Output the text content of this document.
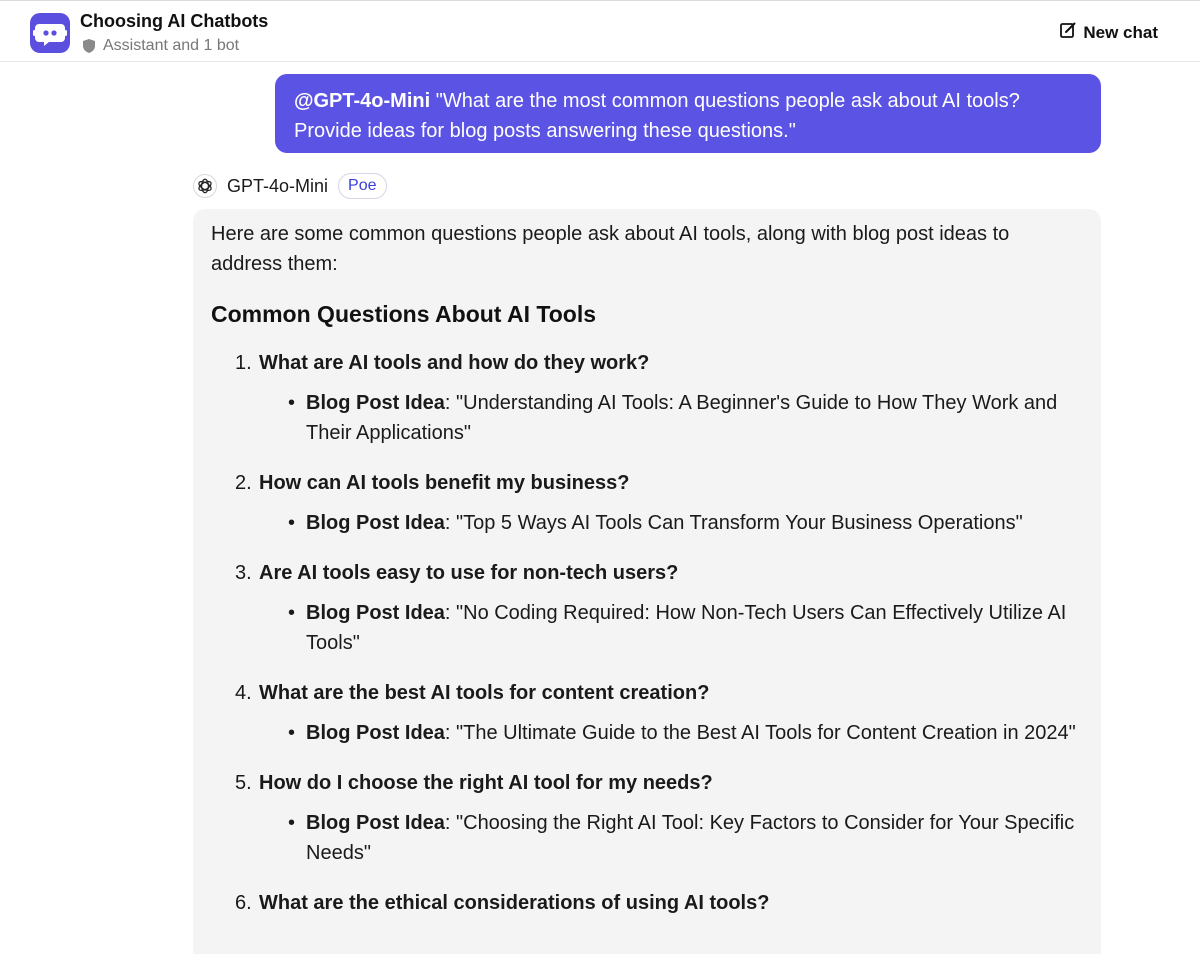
Choosing AI Chatbots
Assistant and 1 bot
New chat
@GPT-4o-Mini "What are the most common questions people ask about AI tools? Provide ideas for blog posts answering these questions."
GPT-4o-Mini	Poe
Here are some common questions people ask about AI tools, along with blog post ideas to address them:
Common Questions About AI Tools
1. What are AI tools and how do they work?
• Blog Post Idea: "Understanding AI Tools: A Beginner's Guide to How They Work and Their Applications"
2. How can AI tools benefit my business?
• Blog Post Idea: "Top 5 Ways AI Tools Can Transform Your Business Operations"
3. Are AI tools easy to use for non-tech users?
• Blog Post Idea: "No Coding Required: How Non-Tech Users Can Effectively Utilize AI Tools"
4. What are the best AI tools for content creation?
• Blog Post Idea: "The Ultimate Guide to the Best AI Tools for Content Creation in 2024"
5. How do I choose the right AI tool for my needs?
• Blog Post Idea: "Choosing the Right AI Tool: Key Factors to Consider for Your Specific Needs"
6. What are the ethical considerations of using AI tools?
